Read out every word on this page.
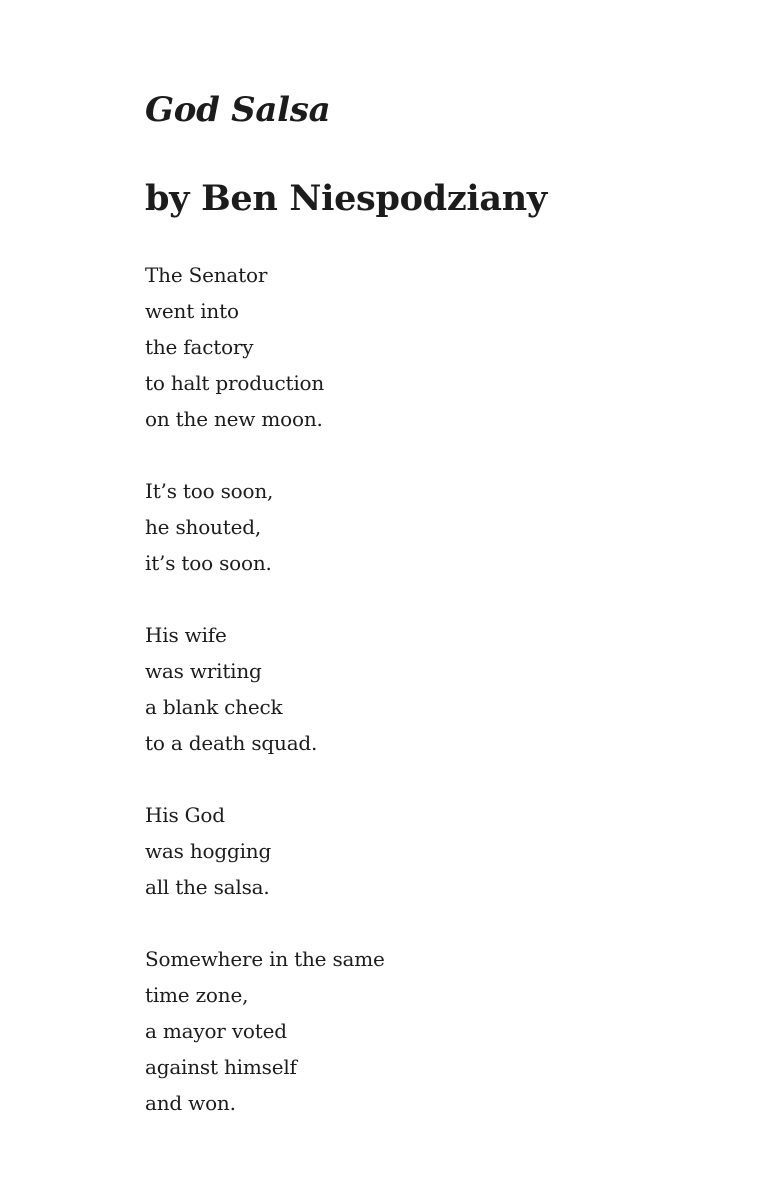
God Salsa
by Ben Niespodziany
The Senator
went into
the factory
to halt production
on the new moon.
It’s too soon,
he shouted,
it’s too soon.
His wife
was writing
a blank check
to a death squad.
His God
was hogging
all the salsa.
Somewhere in the same
time zone,
a mayor voted
against himself
and won.
